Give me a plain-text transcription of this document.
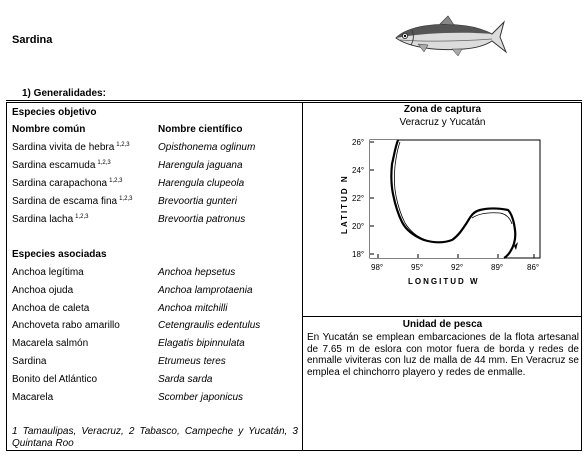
Sardina
1) Generalidades:
Especies objetivo
Nombre común	Nombre científico
Sardina vivita de hebra $^{1,2,3}$	Opisthonema oglinum
Sardina escamuda $^{1,2,3}$	Harengula jaguana
Sardina carapachona $^{1,2,3}$	Harengula clupeola
Sardina de escama fina $^{1,2,3}$	Brevoortia gunteri
Sardina lacha $^{1,2,3}$	Brevoortia patronus
Especies asociadas
Anchoa legítima	Anchoa hepsetus
Anchoa ojuda	Anchoa lamprotaenia
Anchoa de caleta	Anchoa mitchilli
Anchoveta rabo amarillo	Cetengraulis edentulus
Macarela salmón	Elagatis bipinnulata
Sardina	Etrumeus teres
Bonito del Atlántico	Sarda sarda
Macarela	Scomber japonicus
1 Tamaulipas, Veracruz, 2 Tabasco, Campeche y Yucatán, 3 Quintana Roo
Zona de captura
Veracruz y Yucatán
26°
24°
22°
20°
18°
98°	95°	92°	89°	86°
LATITUD N
LONGITUD W
Unidad de pesca
En Yucatán se emplean embarcaciones de la flota artesanal de 7.65 m de eslora con motor fuera de borda y redes de enmalle viviteras con luz de malla de 44 mm. En Veracruz se emplea el chinchorro playero y redes de enmalle.
